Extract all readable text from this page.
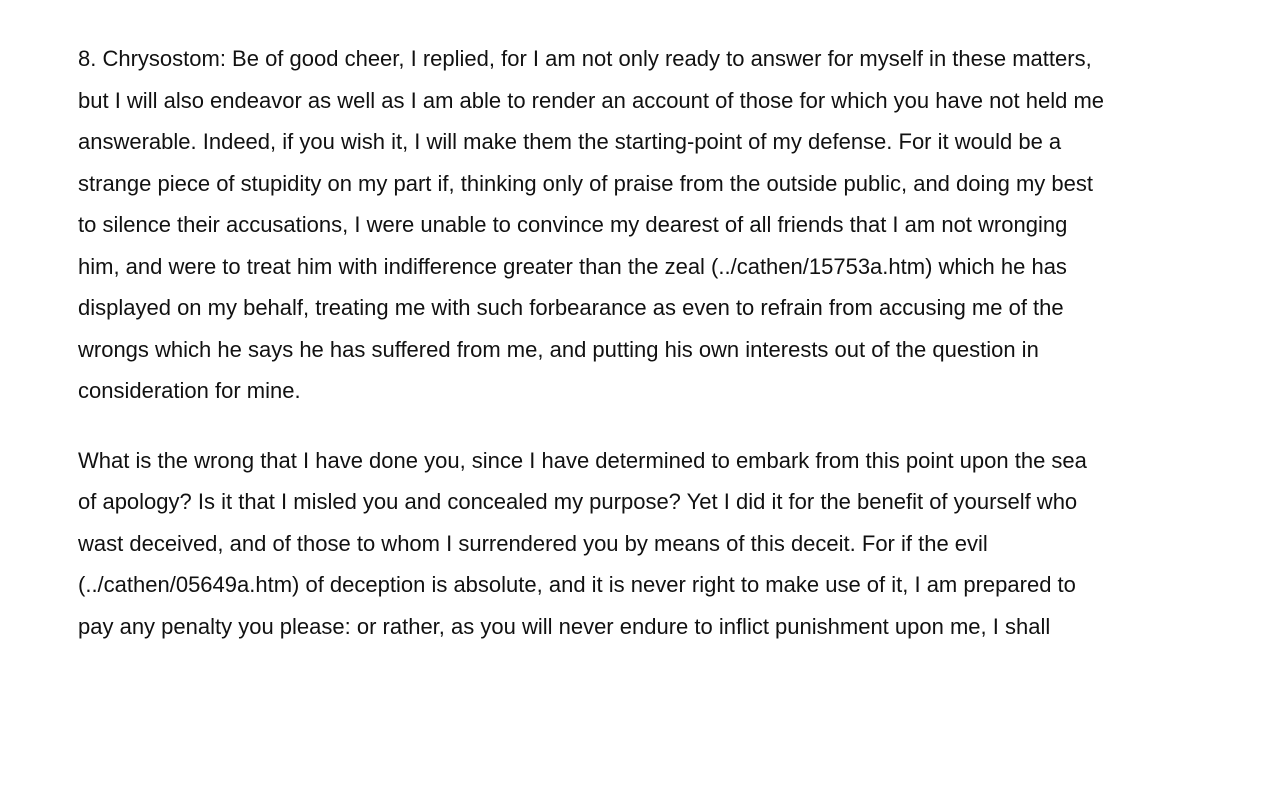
8. Chrysostom: Be of good cheer, I replied, for I am not only ready to answer for myself in these matters,
but I will also endeavor as well as I am able to render an account of those for which you have not held me
answerable. Indeed, if you wish it, I will make them the starting-point of my defense. For it would be a
strange piece of stupidity on my part if, thinking only of praise from the outside public, and doing my best
to silence their accusations, I were unable to convince my dearest of all friends that I am not wronging
him, and were to treat him with indifference greater than the zeal (../cathen/15753a.htm) which he has
displayed on my behalf, treating me with such forbearance as even to refrain from accusing me of the
wrongs which he says he has suffered from me, and putting his own interests out of the question in
consideration for mine.

What is the wrong that I have done you, since I have determined to embark from this point upon the sea
of apology? Is it that I misled you and concealed my purpose? Yet I did it for the benefit of yourself who
wast deceived, and of those to whom I surrendered you by means of this deceit. For if the evil
(../cathen/05649a.htm) of deception is absolute, and it is never right to make use of it, I am prepared to
pay any penalty you please: or rather, as you will never endure to inflict punishment upon me, I shall
